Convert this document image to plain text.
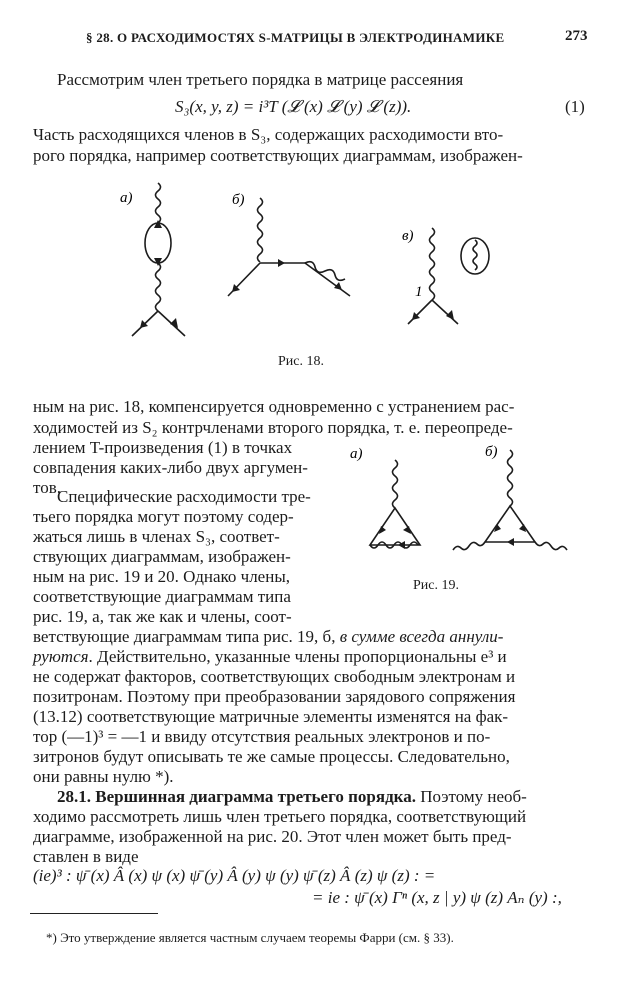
§ 28. О РАСХОДИМОСТЯХ S-МАТРИЦЫ В ЭЛЕКТРОДИНАМИКЕ	273
Рассмотрим член третьего порядка в матрице рассеяния
S₃(x, y, z) = i³T (𝓛 (x) 𝓛 (y) 𝓛 (z)).	(1)
Часть расходящихся членов в S₃, содержащих расходимости вто-
рого порядка, например соответствующих диаграммам, изображен-
a)	б)
в)
1
Рис. 18.
ным на рис. 18, компенсируется одновременно с устранением рас-
ходимостей из S₂ контрчленами второго порядка, т. е. переопреде-
лением T-произведения (1) в точках
совпадения каких-либо двух аргумен-
тов.
a)	б)
Рис. 19.
Специфические расходимости тре-
тьего порядка могут поэтому содер-
жаться лишь в членах S₃, соответ-
ствующих диаграммам, изображен-
ным на рис. 19 и 20. Однако члены,
соответствующие диаграммам типа
рис. 19, a, так же как и члены, соот-
ветствующие диаграммам типа рис. 19, б, в сумме всегда аннули-
руются. Действительно, указанные члены пропорциональны e³ и
не содержат факторов, соответствующих свободным электронам и
позитронам. Поэтому при преобразовании зарядового сопряжения
(13.12) соответствующие матричные элементы изменятся на фак-
тор (—1)³ = —1 и ввиду отсутствия реальных электронов и по-
зитронов будут описывать те же самые процессы. Следовательно,
они равны нулю *).
28.1. Вершинная диаграмма третьего порядка. Поэтому необ-
ходимо рассмотреть лишь член третьего порядка, соответствующий
диаграмме, изображенной на рис. 20. Этот член может быть пред-
ставлен в виде
(ie)³ : ψ̄ (x) Â (x) ψ (x) ψ̄ (y) Â (y) ψ (y) ψ̄ (z) Â (z) ψ (z) : =
= ie : ψ̄ (x) Γⁿ (x, z | y) ψ (z) Aₙ (y) :,
*) Это утверждение является частным случаем теоремы Фарри (см. § 33).
